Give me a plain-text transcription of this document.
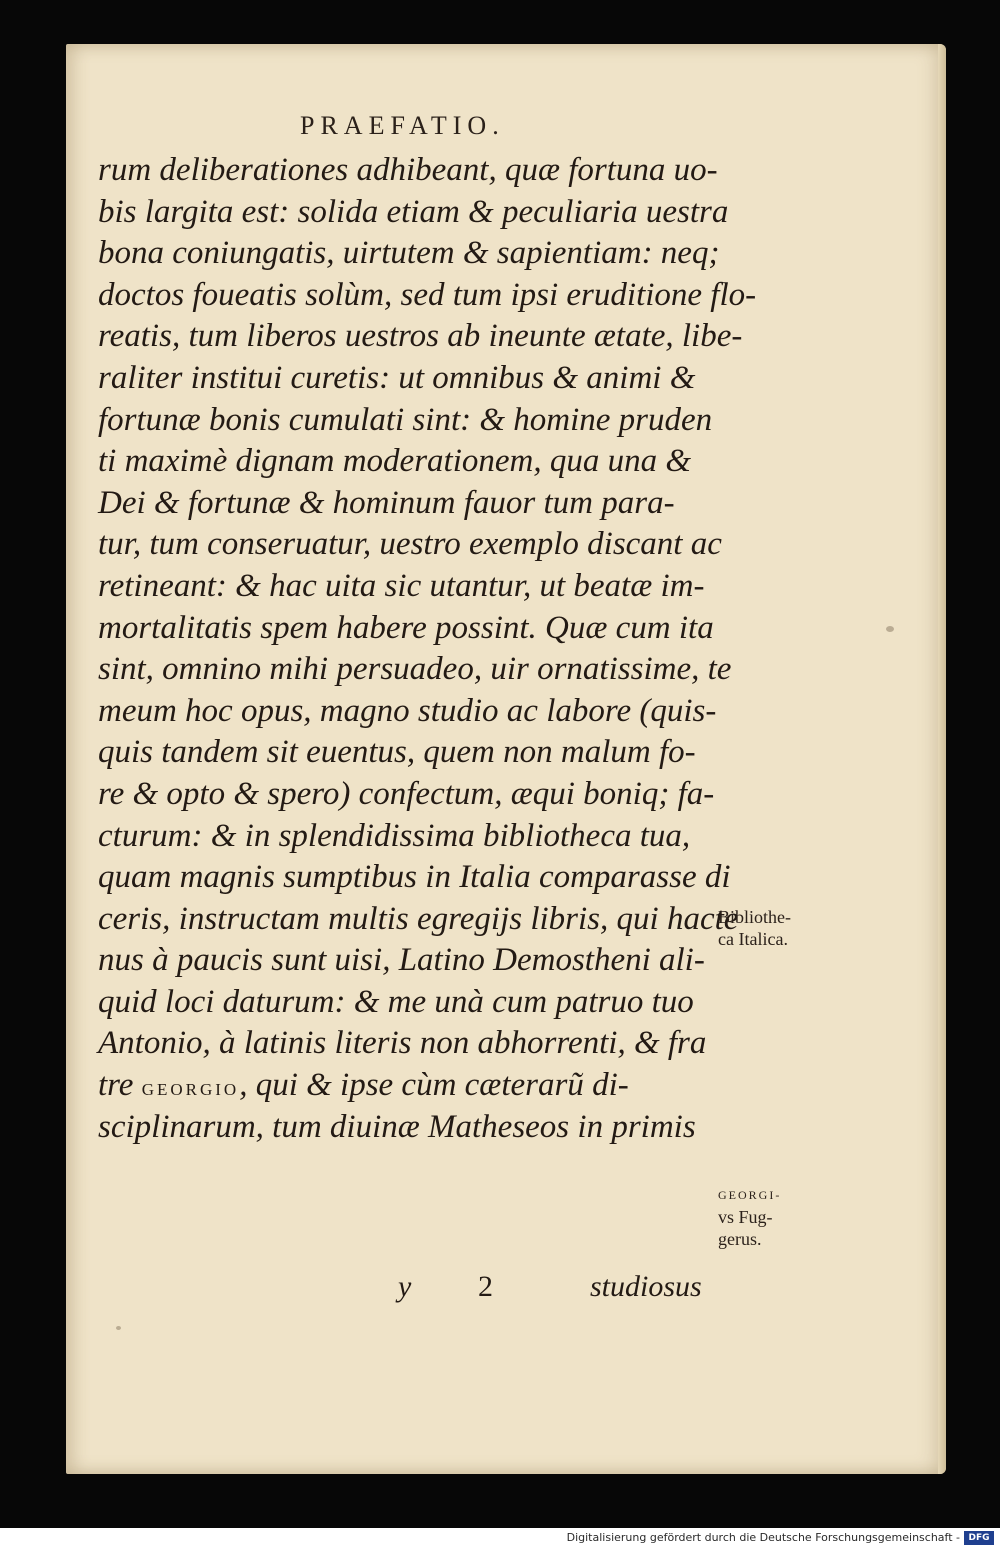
PRAEFATIO.
rum deliberationes adhibeant, quæ fortuna uo-
bis largita est: solida etiam & peculiaria uestra
bona coniungatis, uirtutem & sapientiam: neq;
doctos foueatis solùm, sed tum ipsi eruditione flo-
reatis, tum liberos uestros ab ineunte ætate, libe-
raliter institui curetis: ut omnibus & animi &
fortunæ bonis cumulati sint: & homine pruden
ti maximè dignam moderationem, qua una &
Dei & fortunæ & hominum fauor tum para-
tur, tum conseruatur, uestro exemplo discant ac
retineant: & hac uita sic utantur, ut beatæ im-
mortalitatis spem habere possint. Quæ cum ita
sint, omnino mihi persuadeo, uir ornatissime, te
meum hoc opus, magno studio ac labore (quis-
quis tandem sit euentus, quem non malum fo-
re & opto & spero) confectum, æqui boniq; fa-
cturum: & in splendidissima bibliotheca tua,
quam magnis sumptibus in Italia comparasse di
ceris, instructam multis egregijs libris, qui hacte
nus à paucis sunt uisi, Latino Demostheni ali-
quid loci daturum: & me unà cum patruo tuo
Antonio, à latinis literis non abhorrenti, & fra
tre GEORGIO, qui & ipse cùm cæterarũ di-
sciplinarum, tum diuinæ Matheseos in primis
Bibliothe-
ca Italica.
GEORGI-
vs Fug-
gerus.
y 2	studiosus
Digitalisierung gefördert durch die Deutsche Forschungsgemeinschaft - DFG
